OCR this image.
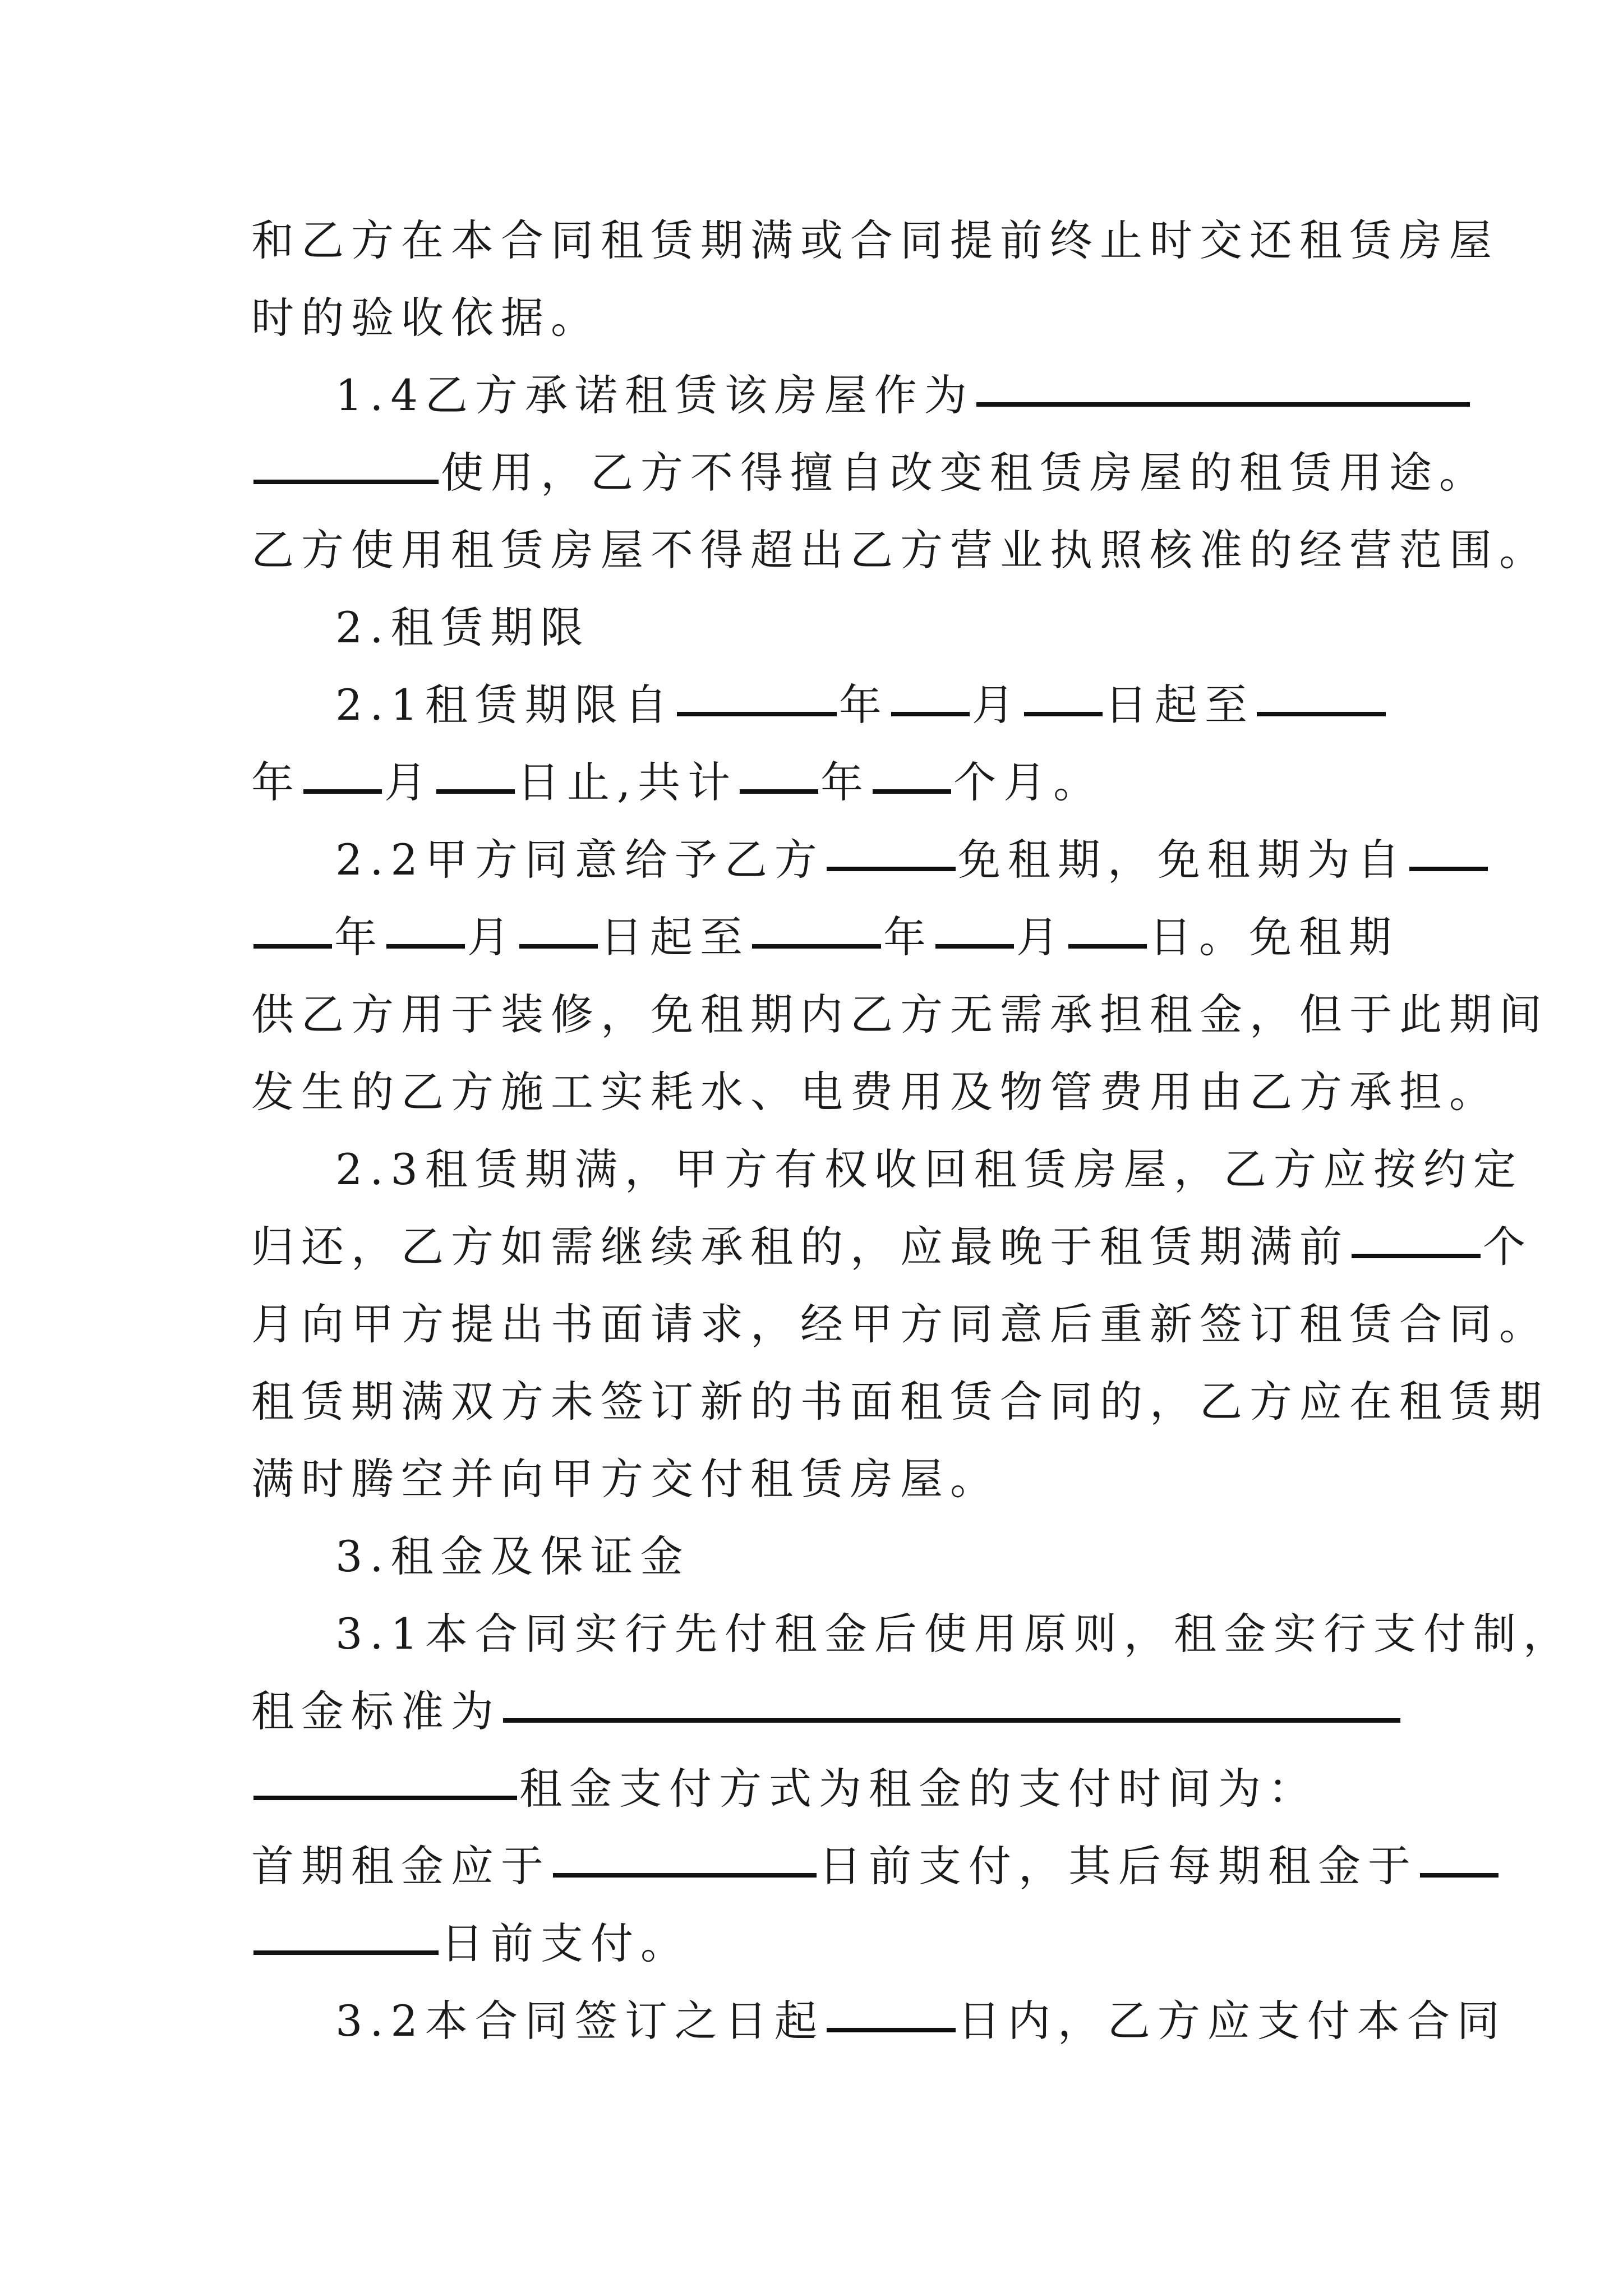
和乙方在本合同租赁期满或合同提前终止时交还租赁房屋
时的验收依据。
1.4乙方承诺租赁该房屋作为
使用，乙方不得擅自改变租赁房屋的租赁用途。
乙方使用租赁房屋不得超出乙方营业执照核准的经营范围。
2.租赁期限
2.1租赁期限自	年 月 日起至
年 月 日止,共计 年 个月。
2.2甲方同意给予乙方	免租期，免租期为自
年 月 日起至	年 月 日。免租期
供乙方用于装修，免租期内乙方无需承担租金，但于此期间
发生的乙方施工实耗水、电费用及物管费用由乙方承担。
2.3租赁期满，甲方有权收回租赁房屋，乙方应按约定
归还，乙方如需继续承租的，应最晚于租赁期满前	个
月向甲方提出书面请求，经甲方同意后重新签订租赁合同。
租赁期满双方未签订新的书面租赁合同的，乙方应在租赁期
满时腾空并向甲方交付租赁房屋。
3.租金及保证金
3.1本合同实行先付租金后使用原则，租金实行支付制，
租金标准为
租金支付方式为租金的支付时间为：
首期租金应于	日前支付，其后每期租金于
日前支付。
3.2本合同签订之日起	日内，乙方应支付本合同
